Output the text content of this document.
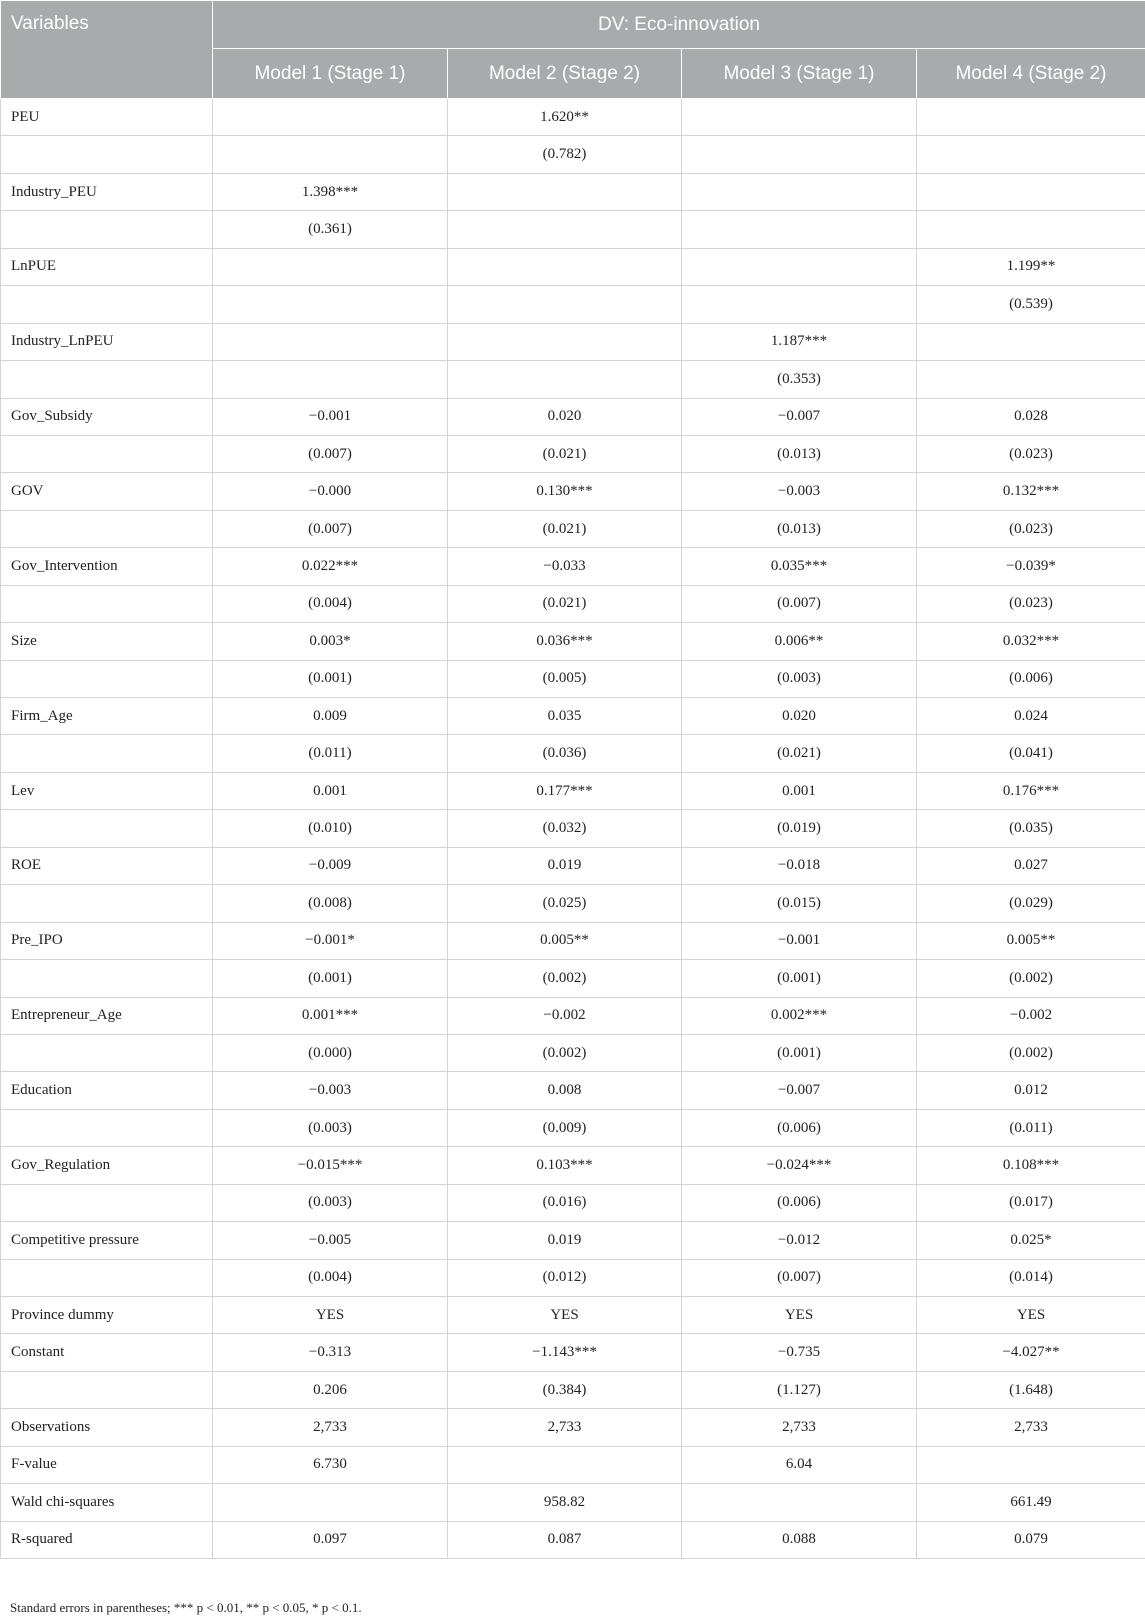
Variables	DV: Eco-innovation			
	Model 1 (Stage 1)	Model 2 (Stage 2)	Model 3 (Stage 1)	Model 4 (Stage 2)
PEU		1.620**		
		(0.782)		
Industry_PEU	1.398***			
	(0.361)			
LnPUE				1.199**
				(0.539)
Industry_LnPEU			1.187***	
			(0.353)	
Gov_Subsidy	−0.001	0.020	−0.007	0.028
	(0.007)	(0.021)	(0.013)	(0.023)
GOV	−0.000	0.130***	−0.003	0.132***
	(0.007)	(0.021)	(0.013)	(0.023)
Gov_Intervention	0.022***	−0.033	0.035***	−0.039*
	(0.004)	(0.021)	(0.007)	(0.023)
Size	0.003*	0.036***	0.006**	0.032***
	(0.001)	(0.005)	(0.003)	(0.006)
Firm_Age	0.009	0.035	0.020	0.024
	(0.011)	(0.036)	(0.021)	(0.041)
Lev	0.001	0.177***	0.001	0.176***
	(0.010)	(0.032)	(0.019)	(0.035)
ROE	−0.009	0.019	−0.018	0.027
	(0.008)	(0.025)	(0.015)	(0.029)
Pre_IPO	−0.001*	0.005**	−0.001	0.005**
	(0.001)	(0.002)	(0.001)	(0.002)
Entrepreneur_Age	0.001***	−0.002	0.002***	−0.002
	(0.000)	(0.002)	(0.001)	(0.002)
Education	−0.003	0.008	−0.007	0.012
	(0.003)	(0.009)	(0.006)	(0.011)
Gov_Regulation	−0.015***	0.103***	−0.024***	0.108***
	(0.003)	(0.016)	(0.006)	(0.017)
Competitive pressure	−0.005	0.019	−0.012	0.025*
	(0.004)	(0.012)	(0.007)	(0.014)
Province dummy	YES	YES	YES	YES
Constant	−0.313	−1.143***	−0.735	−4.027**
	0.206	(0.384)	(1.127)	(1.648)
Observations	2,733	2,733	2,733	2,733
F-value	6.730		6.04	
Wald chi-squares		958.82		661.49
R-squared	0.097	0.087	0.088	0.079
Standard errors in parentheses; *** p < 0.01, ** p < 0.05, * p < 0.1.
